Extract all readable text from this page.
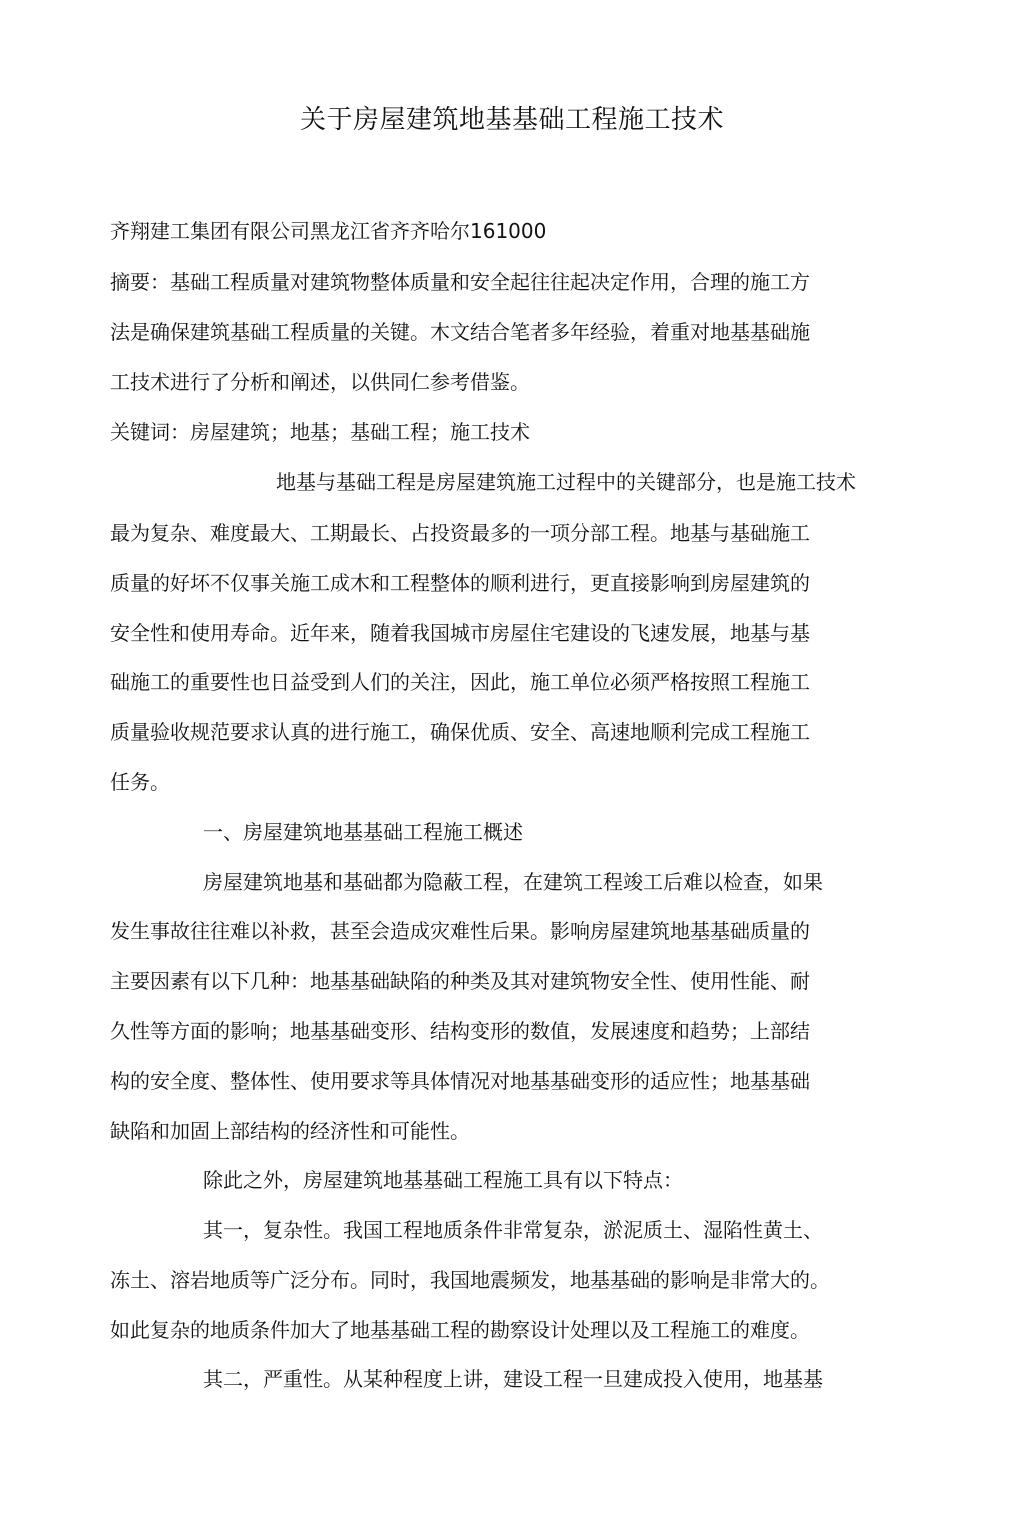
关于房屋建筑地基基础工程施工技术
齐翔建工集团有限公司黑龙江省齐齐哈尔161000
摘要：基础工程质量对建筑物整体质量和安全起往往起决定作用，合理的施工方
法是确保建筑基础工程质量的关键。木文结合笔者多年经验，着重对地基基础施
工技术进行了分析和阐述，以供同仁参考借鉴。
关键词：房屋建筑；地基；基础工程；施工技术
地基与基础工程是房屋建筑施工过程中的关键部分，也是施工技术
最为复杂、难度最大、工期最长、占投资最多的一项分部工程。地基与基础施工
质量的好坏不仅事关施工成木和工程整体的顺利进行，更直接影响到房屋建筑的
安全性和使用寿命。近年来，随着我国城市房屋住宅建设的飞速发展，地基与基
础施工的重要性也日益受到人们的关注，因此，施工单位必须严格按照工程施工
质量验收规范要求认真的进行施工，确保优质、安全、高速地顺利完成工程施工
任务。
一、房屋建筑地基基础工程施工概述
房屋建筑地基和基础都为隐蔽工程，在建筑工程竣工后难以检查，如果
发生事故往往难以补救，甚至会造成灾难性后果。影响房屋建筑地基基础质量的
主要因素有以下几种：地基基础缺陷的种类及其对建筑物安全性、使用性能、耐
久性等方面的影响；地基基础变形、结构变形的数值，发展速度和趋势；上部结
构的安全度、整体性、使用要求等具体情况对地基基础变形的适应性；地基基础
缺陷和加固上部结构的经济性和可能性。
除此之外，房屋建筑地基基础工程施工具有以下特点：
其一，复杂性。我国工程地质条件非常复杂，淤泥质土、湿陷性黄土、
冻土、溶岩地质等广泛分布。同时，我国地震频发，地基基础的影响是非常大的。
如此复杂的地质条件加大了地基基础工程的勘察设计处理以及工程施工的难度。
其二，严重性。从某种程度上讲，建设工程一旦建成投入使用，地基基
